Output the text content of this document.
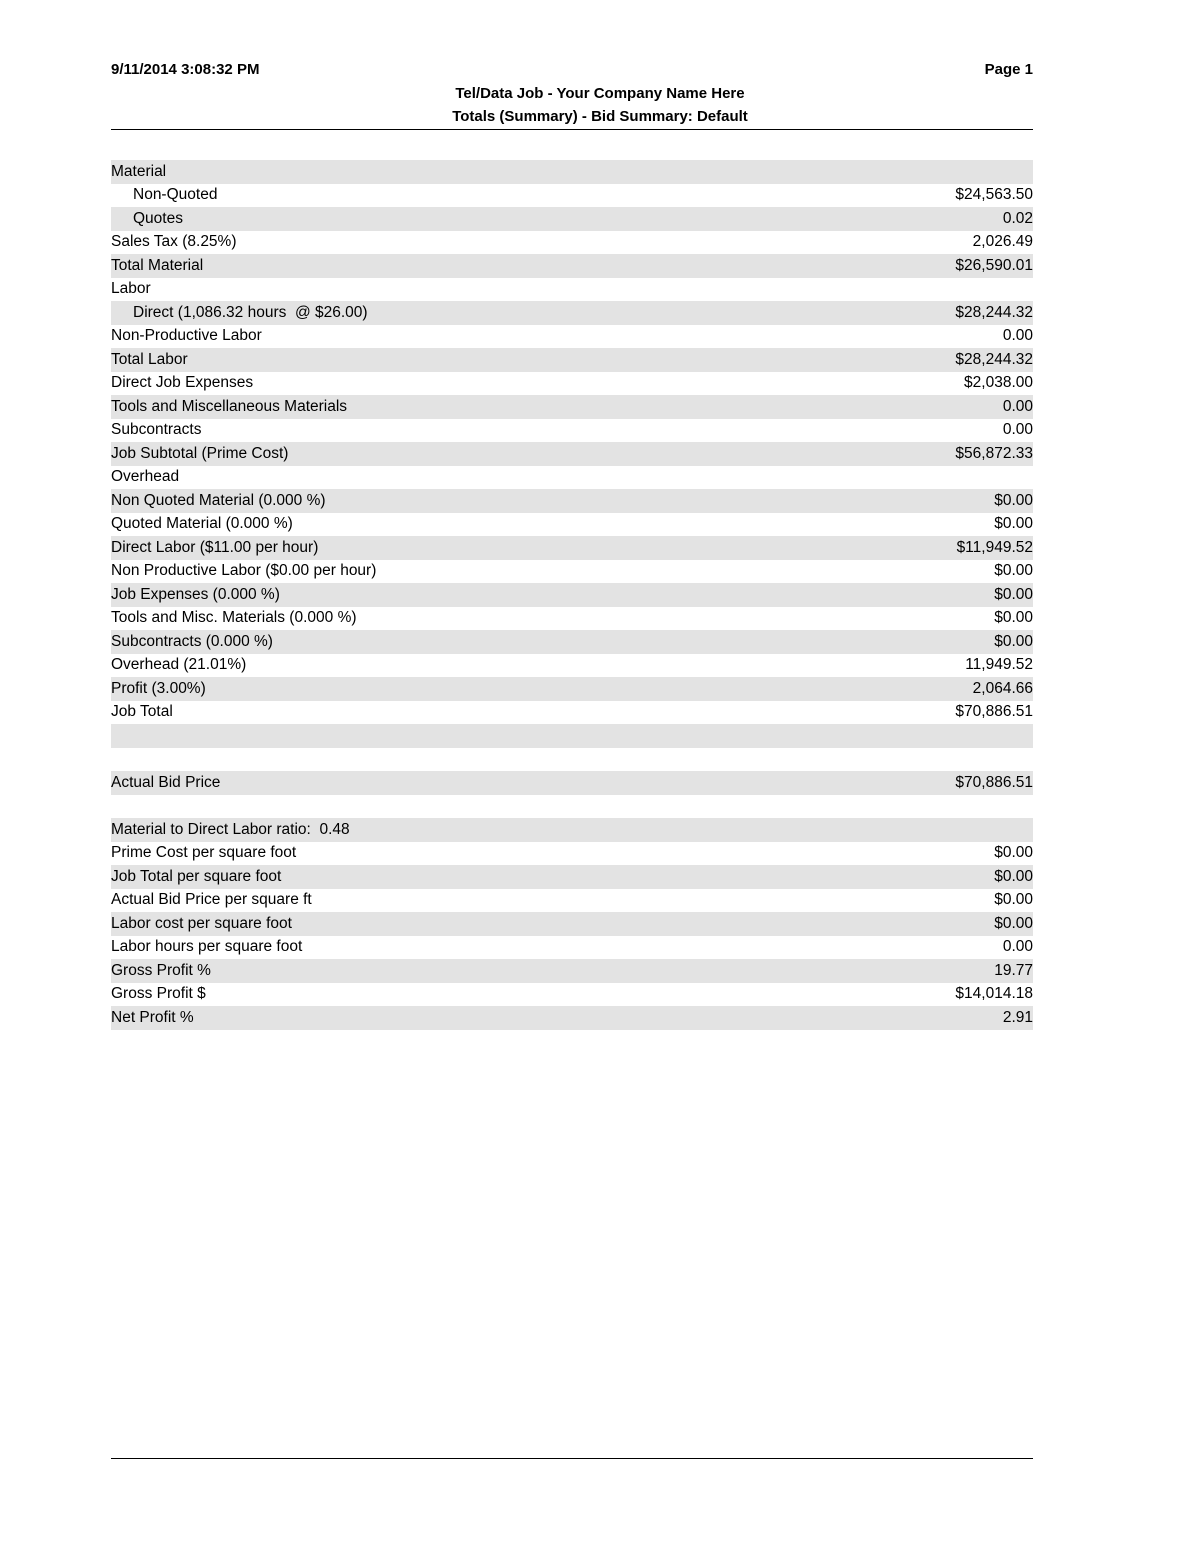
9/11/2014 3:08:32 PM	Page 1
Tel/Data Job - Your Company Name Here
Totals (Summary) - Bid Summary: Default
Material
Non-Quoted	$24,563.50
Quotes	0.02
Sales Tax (8.25%)	2,026.49
Total Material	$26,590.01
Labor
Direct (1,086.32 hours  @ $26.00)	$28,244.32
Non-Productive Labor	0.00
Total Labor	$28,244.32
Direct Job Expenses	$2,038.00
Tools and Miscellaneous Materials	0.00
Subcontracts	0.00
Job Subtotal (Prime Cost)	$56,872.33
Overhead
Non Quoted Material (0.000 %)	$0.00
Quoted Material (0.000 %)	$0.00
Direct Labor ($11.00 per hour)	$11,949.52
Non Productive Labor ($0.00 per hour)	$0.00
Job Expenses (0.000 %)	$0.00
Tools and Misc. Materials (0.000 %)	$0.00
Subcontracts (0.000 %)	$0.00
Overhead (21.01%)	11,949.52
Profit (3.00%)	2,064.66
Job Total	$70,886.51
Actual Bid Price	$70,886.51
Material to Direct Labor ratio:  0.48
Prime Cost per square foot	$0.00
Job Total per square foot	$0.00
Actual Bid Price per square ft	$0.00
Labor cost per square foot	$0.00
Labor hours per square foot	0.00
Gross Profit %	19.77
Gross Profit $	$14,014.18
Net Profit %	2.91
